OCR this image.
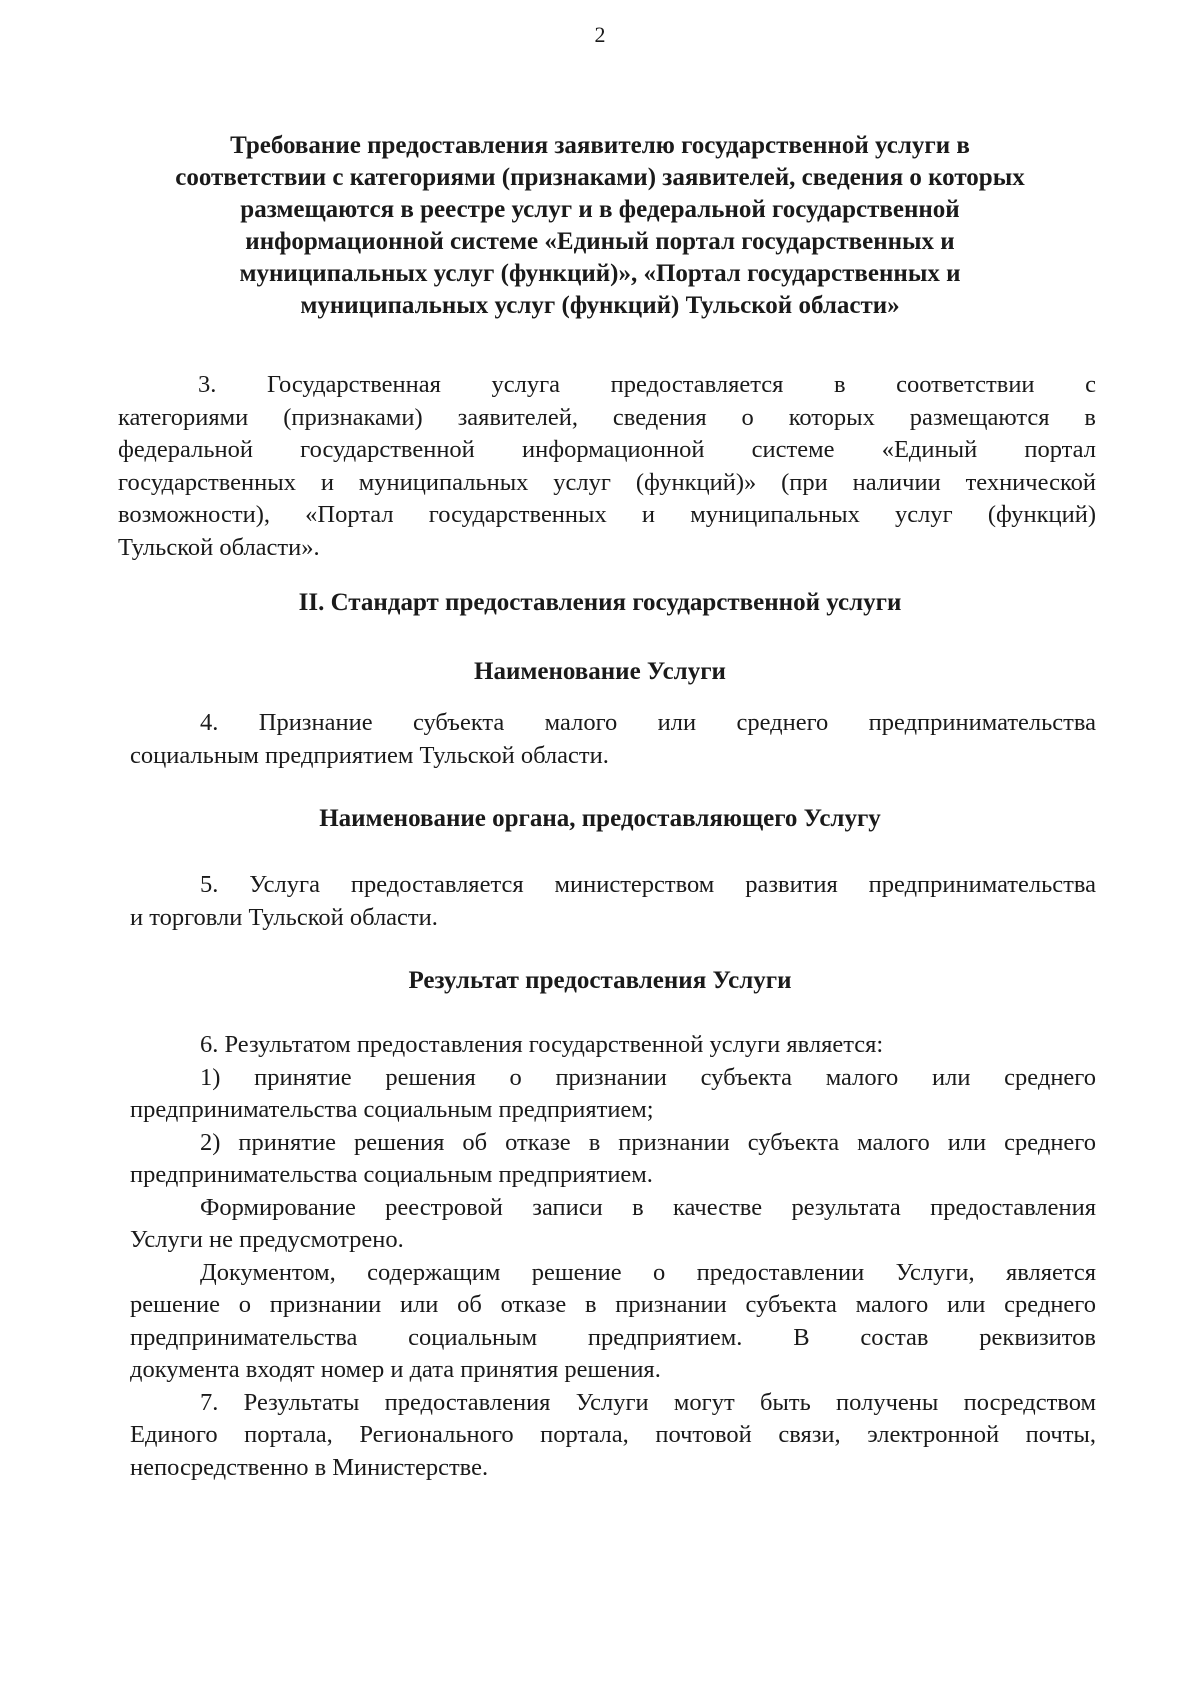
2
Требование предоставления заявителю государственной услуги в
соответствии с категориями (признаками) заявителей, сведения о которых
размещаются в реестре услуг и в федеральной государственной
информационной системе «Единый портал государственных и
муниципальных услуг (функций)», «Портал государственных и
муниципальных услуг (функций) Тульской области»
3. Государственная услуга предоставляется в соответствии с
категориями (признаками) заявителей, сведения о которых размещаются в
федеральной государственной информационной системе «Единый портал
государственных и муниципальных услуг (функций)» (при наличии технической
возможности), «Портал государственных и муниципальных услуг (функций)
Тульской области».
II. Стандарт предоставления государственной услуги
Наименование Услуги
4. Признание субъекта малого или среднего предпринимательства
социальным предприятием Тульской области.
Наименование органа, предоставляющего Услугу
5. Услуга предоставляется министерством развития предпринимательства
и торговли Тульской области.
Результат предоставления Услуги
6. Результатом предоставления государственной услуги является:
1) принятие решения о признании субъекта малого или среднего
предпринимательства социальным предприятием;
2) принятие решения об отказе в признании субъекта малого или среднего
предпринимательства социальным предприятием.
Формирование реестровой записи в качестве результата предоставления
Услуги не предусмотрено.
Документом, содержащим решение о предоставлении Услуги, является
решение о признании или об отказе в признании субъекта малого или среднего
предпринимательства социальным предприятием. В состав реквизитов
документа входят номер и дата принятия решения.
7. Результаты предоставления Услуги могут быть получены посредством
Единого портала, Регионального портала, почтовой связи, электронной почты,
непосредственно в Министерстве.
